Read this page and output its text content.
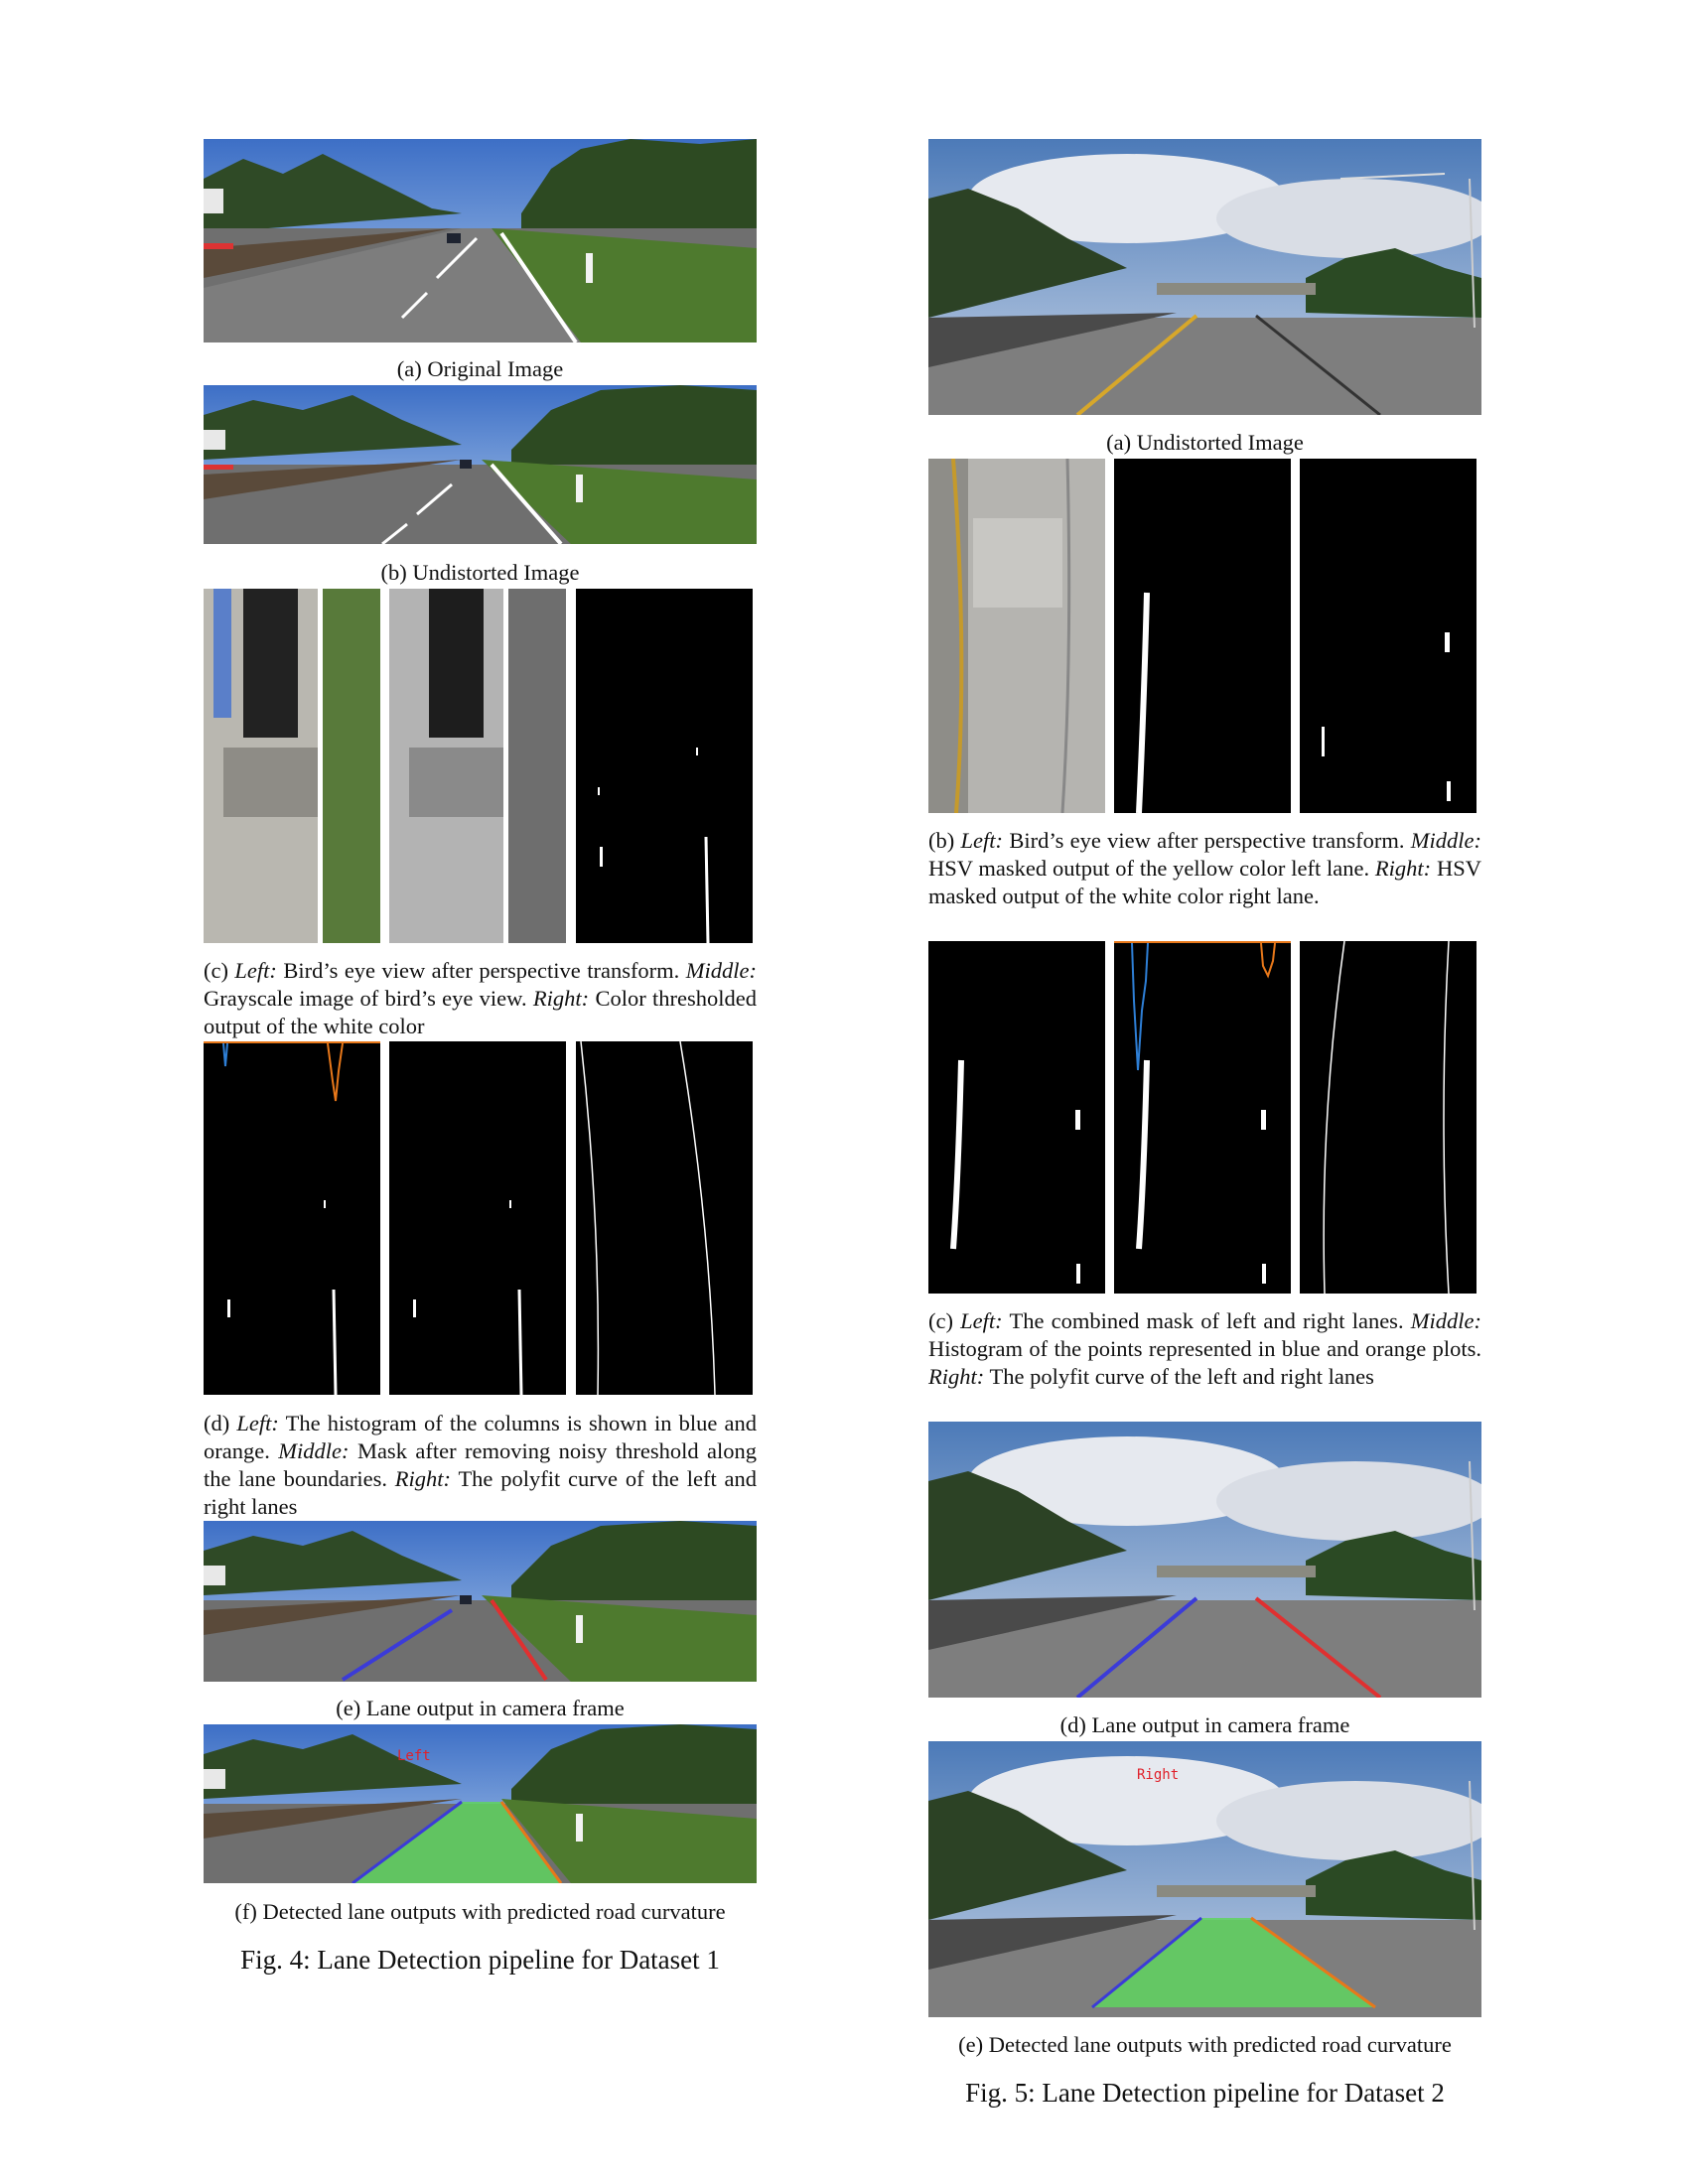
(a) Original Image
(b) Undistorted Image
(c) Left: Bird’s eye view after perspective transform. Middle: Grayscale image of bird’s eye view. Right: Color thresholded output of the white color
(d) Left: The histogram of the columns is shown in blue and orange. Middle: Mask after removing noisy threshold along the lane boundaries. Right: The polyfit curve of the left and right lanes
(e) Lane output in camera frame
Left
(f) Detected lane outputs with predicted road curvature
Fig. 4: Lane Detection pipeline for Dataset 1
(a) Undistorted Image
(b) Left: Bird’s eye view after perspective transform. Middle: HSV masked output of the yellow color left lane. Right: HSV masked output of the white color right lane.
(c) Left: The combined mask of left and right lanes. Middle: Histogram of the points represented in blue and orange plots. Right: The polyfit curve of the left and right lanes
(d) Lane output in camera frame
Right
(e) Detected lane outputs with predicted road curvature
Fig. 5: Lane Detection pipeline for Dataset 2
